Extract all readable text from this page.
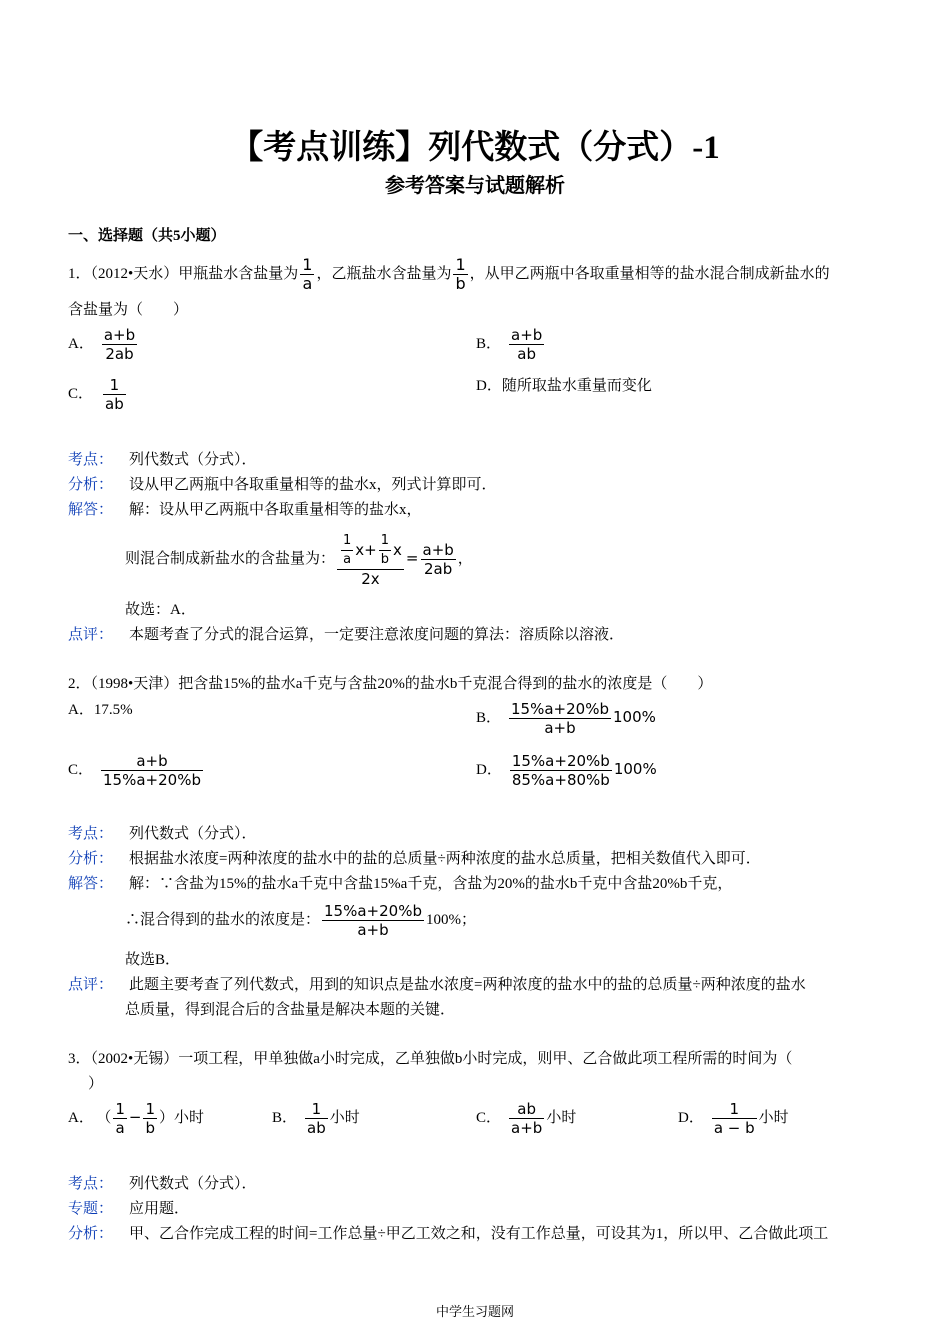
【考点训练】列代数式（分式）-1
参考答案与试题解析
一、选择题（共5小题）
1．（2012•天水）甲瓶盐水含盐量为 $\frac{1}{a}$ ，乙瓶盐水含盐量为 $\frac{1}{b}$ ，从甲乙两瓶中各取重量相等的盐水混合制成新盐水的
含盐量为（　　）
A． $\frac{a+b}{2ab}$	B． $\frac{a+b}{ab}$
C． $\frac{1}{ab}$	D．随所取盐水重量而变化
考点： 列代数式（分式）．
分析： 设从甲乙两瓶中各取重量相等的盐水x，列式计算即可．
解答： 解：设从甲乙两瓶中各取重量相等的盐水x，
则混合制成新盐水的含盐量为： $\frac{\frac{1}{a} x+ \frac{1}{b} x}{2x} = \frac{a+b}{2ab}$ ，
故选：A．
点评： 本题考查了分式的混合运算，一定要注意浓度问题的算法：溶质除以溶液．
2．（1998•天津）把含盐15%的盐水a千克与含盐20%的盐水b千克混合得到的盐水的浓度是（　　）
A．17.5%	B． $\frac{15\%a+20\%b}{a+b} 100\%$
C． $\frac{a+b}{15\%a+20\%b}$	D． $\frac{15\%a+20\%b}{85\%a+80\%b} 100\%$
考点： 列代数式（分式）．
分析： 根据盐水浓度=两种浓度的盐水中的盐的总质量÷两种浓度的盐水总质量，把相关数值代入即可．
解答： 解：∵含盐为15%的盐水a千克中含盐15%a千克，含盐为20%的盐水b千克中含盐20%b千克，
∴混合得到的盐水的浓度是： $\frac{15\%a+20\%b}{a+b} 100\%$；
故选B．
点评： 此题主要考查了列代数式，用到的知识点是盐水浓度=两种浓度的盐水中的盐的总质量÷两种浓度的盐水
总质量，得到混合后的含盐量是解决本题的关键．
3．（2002•无锡）一项工程，甲单独做a小时完成，乙单独做b小时完成，则甲、乙合做此项工程所需的时间为（
）
A． （ $\frac{1}{a} - \frac{1}{b}$ ）小时	B． $\frac{1}{ab}$ 小时	C． $\frac{ab}{a+b}$ 小时	D． $\frac{1}{a - b}$ 小时
考点： 列代数式（分式）．
专题： 应用题．
分析： 甲、乙合作完成工程的时间=工作总量÷甲乙工效之和，没有工作总量，可设其为1，所以甲、乙合做此项工
中学生习题网
